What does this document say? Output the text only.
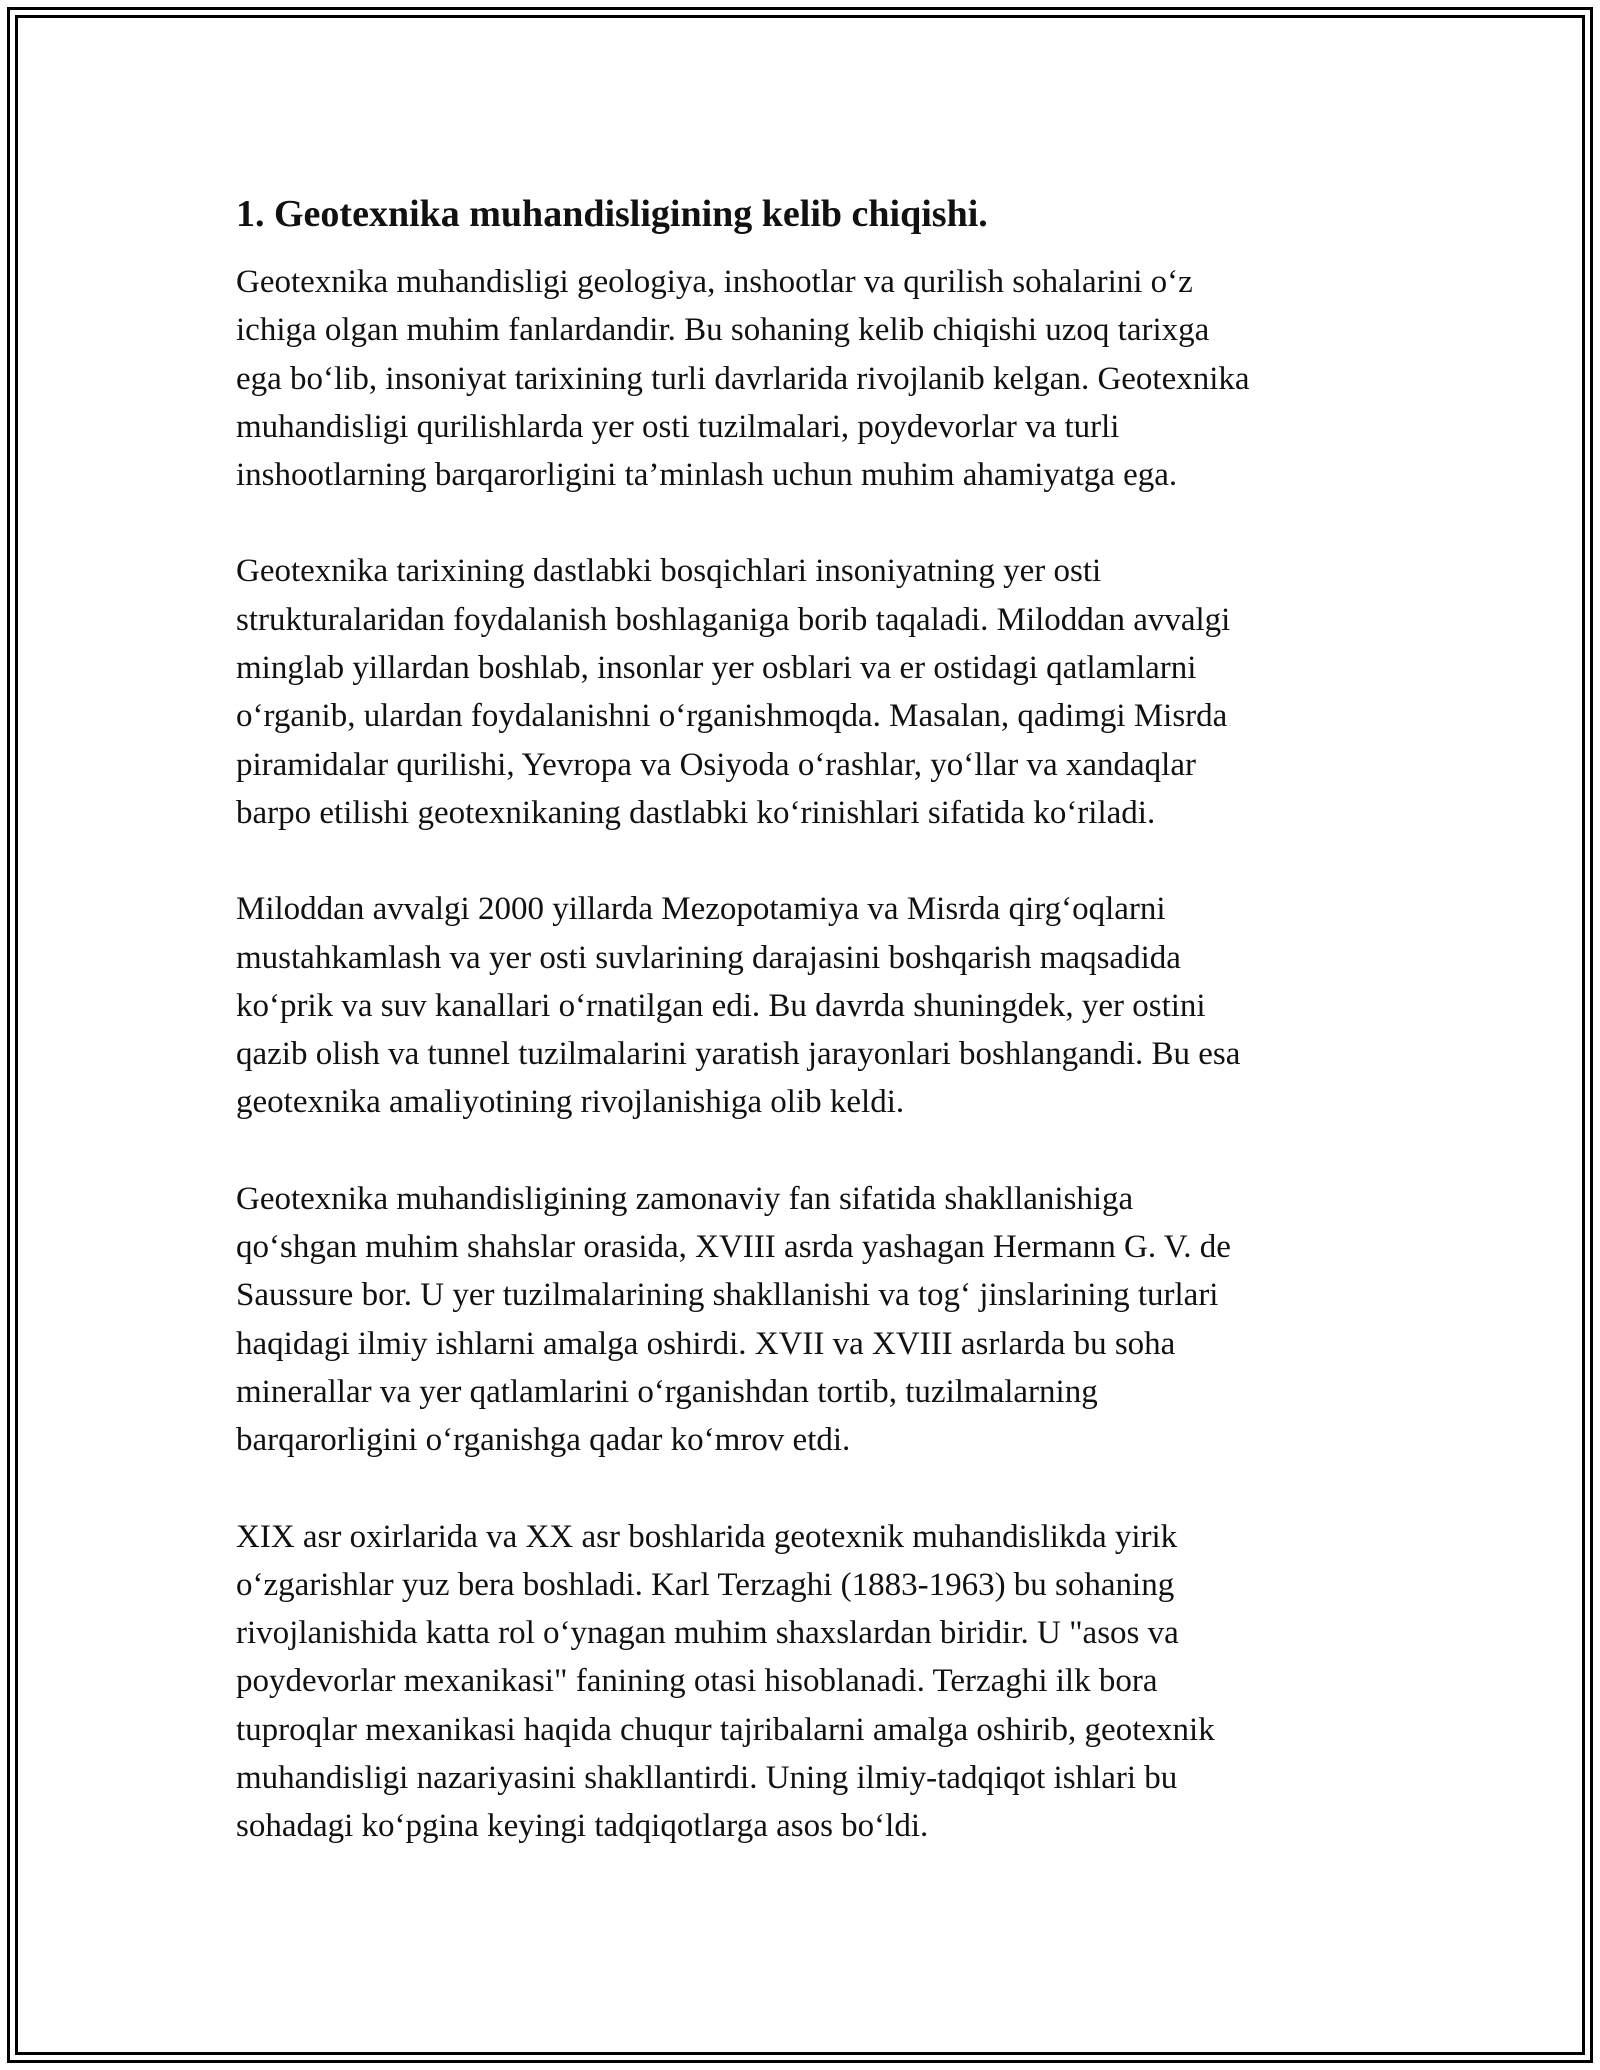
1. Geotexnika muhandisligining kelib chiqishi.
Geotexnika muhandisligi geologiya, inshootlar va qurilish sohalarini o‘z
ichiga olgan muhim fanlardandir. Bu sohaning kelib chiqishi uzoq tarixga
ega bo‘lib, insoniyat tarixining turli davrlarida rivojlanib kelgan. Geotexnika
muhandisligi qurilishlarda yer osti tuzilmalari, poydevorlar va turli
inshootlarning barqarorligini ta’minlash uchun muhim ahamiyatga ega.
Geotexnika tarixining dastlabki bosqichlari insoniyatning yer osti
strukturalaridan foydalanish boshlaganiga borib taqaladi. Miloddan avvalgi
minglab yillardan boshlab, insonlar yer osblari va er ostidagi qatlamlarni
o‘rganib, ulardan foydalanishni o‘rganishmoqda. Masalan, qadimgi Misrda
piramidalar qurilishi, Yevropa va Osiyoda o‘rashlar, yo‘llar va xandaqlar
barpo etilishi geotexnikaning dastlabki ko‘rinishlari sifatida ko‘riladi.
Miloddan avvalgi 2000 yillarda Mezopotamiya va Misrda qirg‘oqlarni
mustahkamlash va yer osti suvlarining darajasini boshqarish maqsadida
ko‘prik va suv kanallari o‘rnatilgan edi. Bu davrda shuningdek, yer ostini
qazib olish va tunnel tuzilmalarini yaratish jarayonlari boshlangandi. Bu esa
geotexnika amaliyotining rivojlanishiga olib keldi.
Geotexnika muhandisligining zamonaviy fan sifatida shakllanishiga
qo‘shgan muhim shahslar orasida, XVIII asrda yashagan Hermann G. V. de
Saussure bor. U yer tuzilmalarining shakllanishi va tog‘ jinslarining turlari
haqidagi ilmiy ishlarni amalga oshirdi. XVII va XVIII asrlarda bu soha
minerallar va yer qatlamlarini o‘rganishdan tortib, tuzilmalarning
barqarorligini o‘rganishga qadar ko‘mrov etdi.
XIX asr oxirlarida va XX asr boshlarida geotexnik muhandislikda yirik
o‘zgarishlar yuz bera boshladi. Karl Terzaghi (1883-1963) bu sohaning
rivojlanishida katta rol o‘ynagan muhim shaxslardan biridir. U "asos va
poydevorlar mexanikasi" fanining otasi hisoblanadi. Terzaghi ilk bora
tuproqlar mexanikasi haqida chuqur tajribalarni amalga oshirib, geotexnik
muhandisligi nazariyasini shakllantirdi. Uning ilmiy-tadqiqot ishlari bu
sohadagi ko‘pgina keyingi tadqiqotlarga asos bo‘ldi.
